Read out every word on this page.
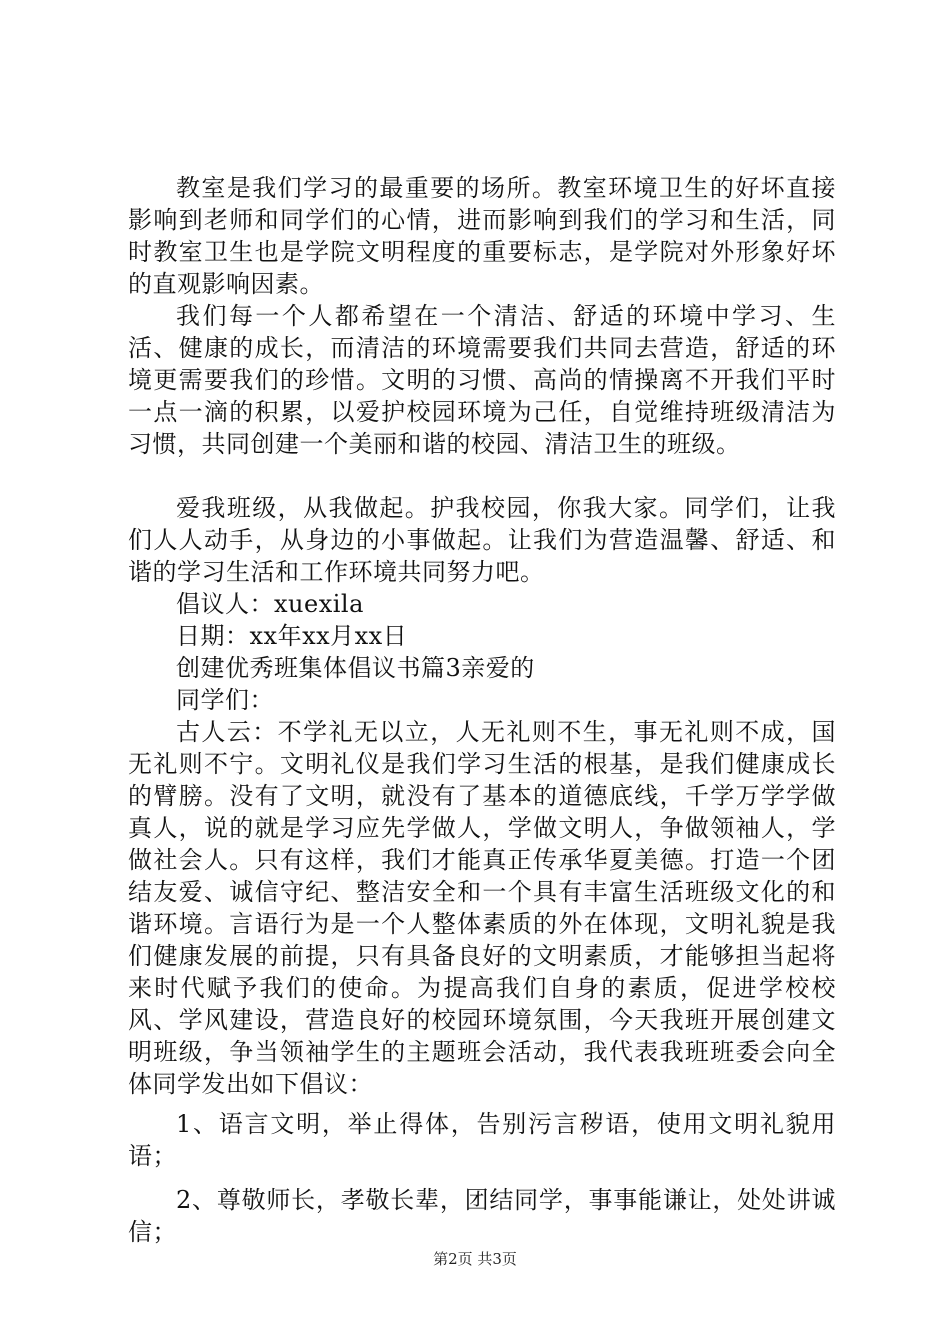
教室是我们学习的最重要的场所。教室环境卫生的好坏直接影响到老师和同学们的心情，进而影响到我们的学习和生活，同时教室卫生也是学院文明程度的重要标志，是学院对外形象好坏的直观影响因素。

我们每一个人都希望在一个清洁、舒适的环境中学习、生活、健康的成长，而清洁的环境需要我们共同去营造，舒适的环境更需要我们的珍惜。文明的习惯、高尚的情操离不开我们平时一点一滴的积累，以爱护校园环境为己任，自觉维持班级清洁为习惯，共同创建一个美丽和谐的校园、清洁卫生的班级。

爱我班级，从我做起。护我校园，你我大家。同学们，让我们人人动手，从身边的小事做起。让我们为营造温馨、舒适、和谐的学习生活和工作环境共同努力吧。

倡议人：xuexila

日期：xx年xx月xx日

创建优秀班集体倡议书篇3亲爱的

同学们：

古人云：不学礼无以立，人无礼则不生，事无礼则不成，国无礼则不宁。文明礼仪是我们学习生活的根基，是我们健康成长的臂膀。没有了文明，就没有了基本的道德底线，千学万学学做真人，说的就是学习应先学做人，学做文明人，争做领袖人，学做社会人。只有这样，我们才能真正传承华夏美德。打造一个团结友爱、诚信守纪、整洁安全和一个具有丰富生活班级文化的和谐环境。言语行为是一个人整体素质的外在体现，文明礼貌是我们健康发展的前提，只有具备良好的文明素质，才能够担当起将来时代赋予我们的使命。为提高我们自身的素质，促进学校校风、学风建设，营造良好的校园环境氛围，今天我班开展创建文明班级，争当领袖学生的主题班会活动，我代表我班班委会向全体同学发出如下倡议：

1、语言文明，举止得体，告别污言秽语，使用文明礼貌用语；

2、尊敬师长，孝敬长辈，团结同学，事事能谦让，处处讲诚信；

第2页 共3页
